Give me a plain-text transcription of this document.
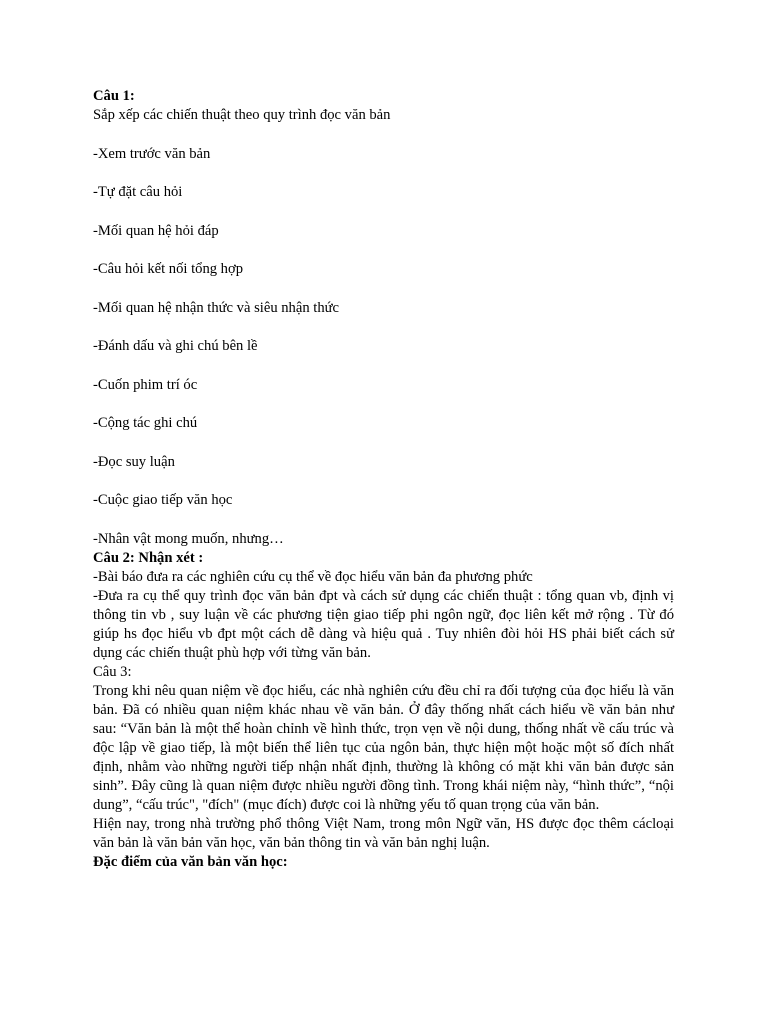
Câu 1:
Sắp xếp các chiến thuật theo quy trình đọc văn bản
-Xem trước văn bản
-Tự đặt câu hỏi
-Mối quan hệ hỏi đáp
-Câu hỏi kết nối tổng hợp
-Mối quan hệ nhận thức và siêu nhận thức
-Đánh dấu và ghi chú bên lề
-Cuốn phim trí óc
-Cộng tác ghi chú
-Đọc suy luận
-Cuộc giao tiếp văn học
-Nhân vật mong muốn, nhưng…
Câu 2: Nhận xét :
-Bài báo đưa ra các nghiên cứu cụ thể về đọc hiểu văn bản đa phương phức
-Đưa ra cụ thể quy trình đọc văn bản đpt và cách sử dụng các chiến thuật : tổng quan vb, định vị thông tin vb , suy luận về các phương tiện giao tiếp phi ngôn ngữ, đọc liên kết mở rộng . Từ đó giúp hs đọc hiểu vb đpt một cách dễ dàng và hiệu quả . Tuy nhiên đòi hỏi HS phải biết cách sử dụng các chiến thuật phù hợp với từng văn bản.
Câu 3:
Trong khi nêu quan niệm về đọc hiểu, các nhà nghiên cứu đều chỉ ra đối tượng của đọc hiểu là văn bản. Đã có nhiều quan niệm khác nhau về văn bản. Ở đây thống nhất cách hiểu về văn bản như sau: “Văn bản là một thể hoàn chỉnh về hình thức, trọn vẹn về nội dung, thống nhất về cấu trúc và độc lập về giao tiếp, là một biến thể liên tục của ngôn bản, thực hiện một hoặc một số đích nhất định, nhằm vào những người tiếp nhận nhất định, thường là không có mặt khi văn bản được sản sinh”. Đây cũng là quan niệm được nhiều người đồng tình. Trong khái niệm này, “hình thức”, “nội dung”, “cấu trúc", "đích" (mục đích) được coi là những yếu tố quan trọng của văn bản.
Hiện nay, trong nhà trường phổ thông Việt Nam, trong môn Ngữ văn, HS được đọc thêm cácloại văn bản là văn bản văn học, văn bản thông tin và văn bản nghị luận.
Đặc điểm của văn bản văn học:
